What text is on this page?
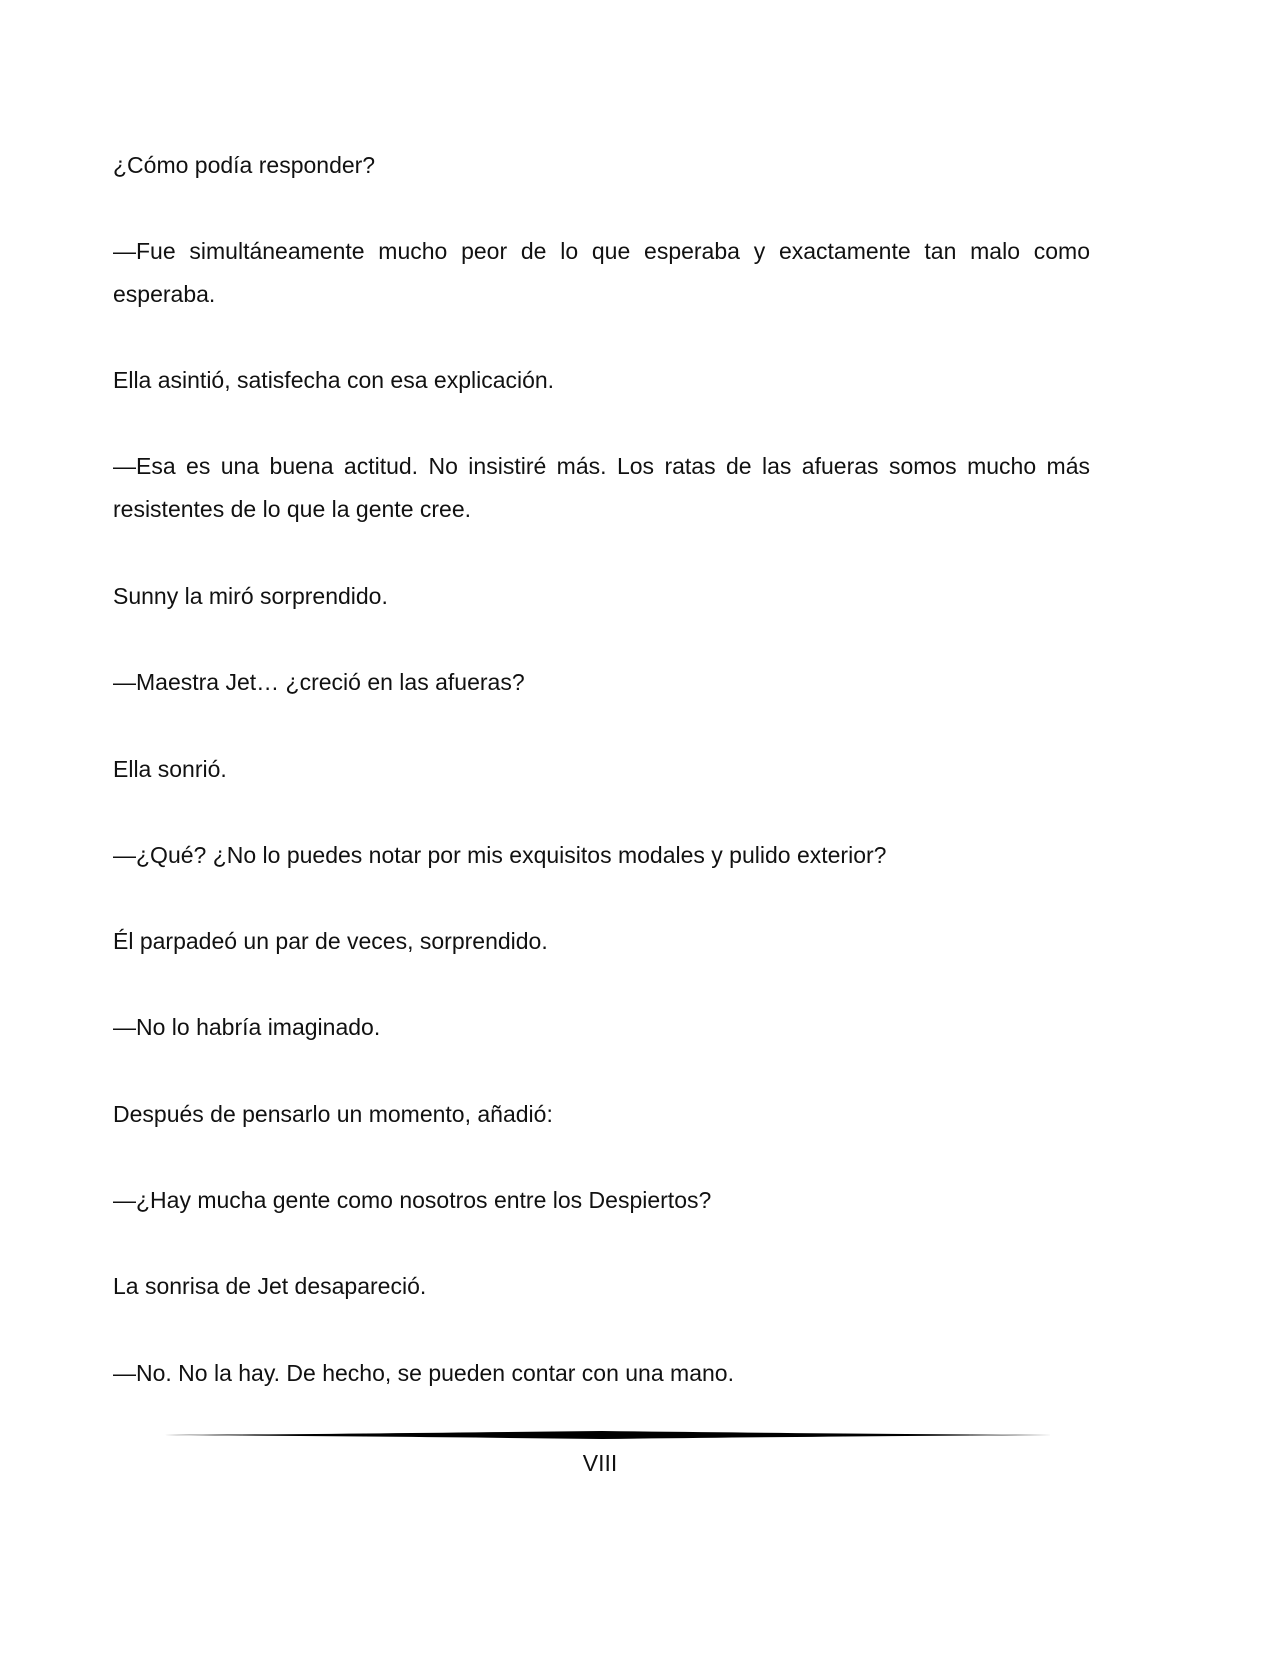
¿Cómo podía responder?

—Fue simultáneamente mucho peor de lo que esperaba y exactamente tan malo como esperaba.

Ella asintió, satisfecha con esa explicación.

—Esa es una buena actitud. No insistiré más. Los ratas de las afueras somos mucho más resistentes de lo que la gente cree.

Sunny la miró sorprendido.

—Maestra Jet… ¿creció en las afueras?

Ella sonrió.

—¿Qué? ¿No lo puedes notar por mis exquisitos modales y pulido exterior?

Él parpadeó un par de veces, sorprendido.

—No lo habría imaginado.

Después de pensarlo un momento, añadió:

—¿Hay mucha gente como nosotros entre los Despiertos?

La sonrisa de Jet desapareció.

—No. No la hay. De hecho, se pueden contar con una mano.

VIII
